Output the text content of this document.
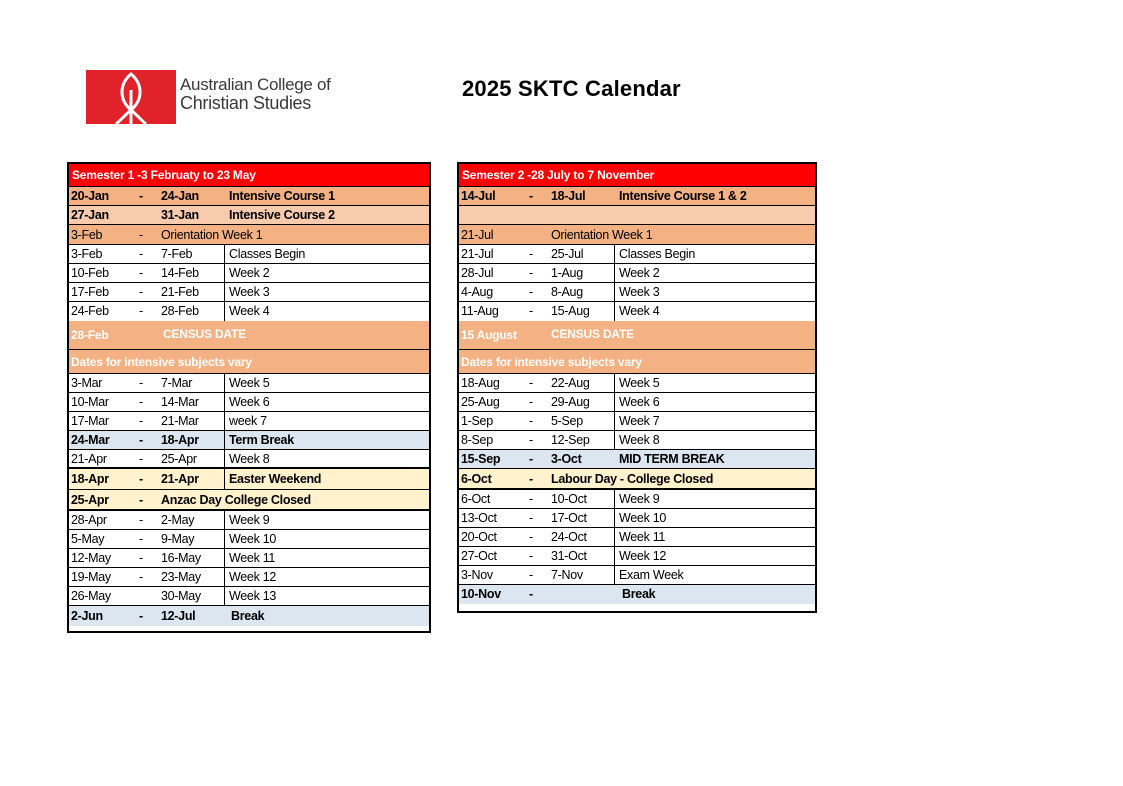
Australian College of
Christian Studies
2025 SKTC Calendar
Semester 1 -3 Februaty to 23 May
20-Jan - 24-Jan Intensive Course 1
27-Jan	31-Jan Intensive Course 2
3-Feb	- Orientation Week 1
3-Feb	- 7-Feb	Classes Begin
10-Feb - 14-Feb Week 2
17-Feb - 21-Feb Week 3
24-Feb - 28-Feb Week 4
28-Feb	CENSUS DATE
Dates for intensive subjects vary
3-Mar	- 7-Mar	Week 5
10-Mar - 14-Mar Week 6
17-Mar - 21-Mar week 7
24-Mar - 18-Apr Term Break
21-Apr	- 25-Apr	Week 8
18-Apr - 21-Apr Easter Weekend
25-Apr - Anzac Day College Closed
28-Apr	- 2-May	Week 9
5-May	- 9-May	Week 10
12-May - 16-May Week 11
19-May - 23-May Week 12
26-May	30-May Week 13
2-Jun	- 12-Jul	Break
Semester 2 -28 July to 7 November
14-Jul	- 18-Jul	Intensive Course 1 & 2
21-Jul	Orientation Week 1
21-Jul	- 25-Jul	Classes Begin
28-Jul	- 1-Aug	Week 2
4-Aug	- 8-Aug	Week 3
11-Aug - 15-Aug Week 4
15 August	CENSUS DATE
Dates for intensive subjects vary
18-Aug - 22-Aug Week 5
25-Aug - 29-Aug Week 6
1-Sep	- 5-Sep	Week 7
8-Sep	- 12-Sep Week 8
15-Sep - 3-Oct	MID TERM BREAK
6-Oct	- Labour Day - College Closed
6-Oct	- 10-Oct	Week 9
13-Oct	- 17-Oct	Week 10
20-Oct	- 24-Oct	Week 11
27-Oct	- 31-Oct	Week 12
3-Nov	- 7-Nov	Exam Week
10-Nov -	Break
